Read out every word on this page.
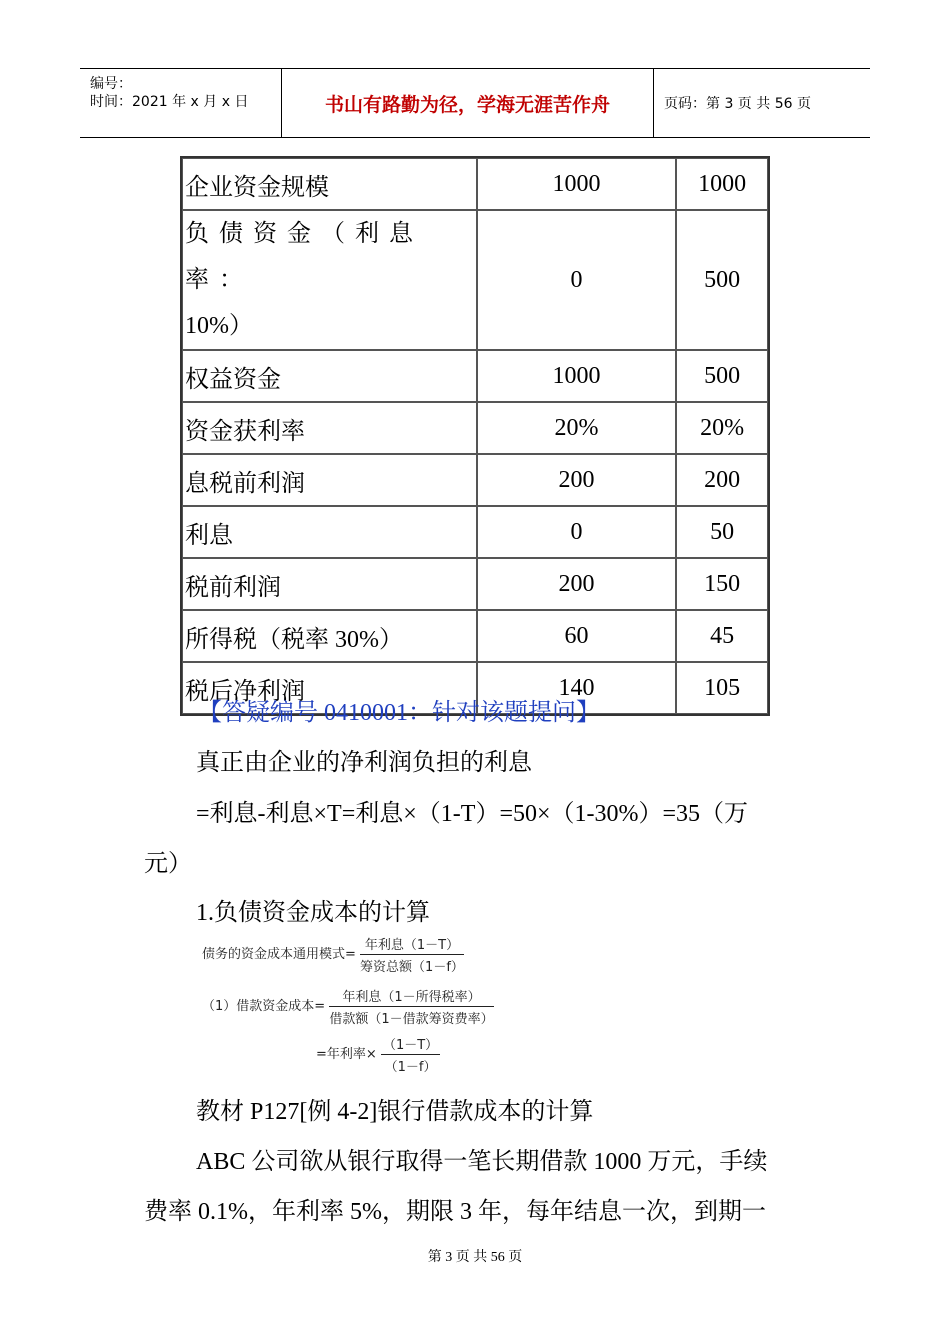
编号：
时间：2021 年 x 月 x 日	书山有路勤为径，学海无涯苦作舟	页码：第 3 页 共 56 页
企业资金规模	1000	1000
负债资金（利息率：
10%）	0	500
权益资金	1000	500
资金获利率	20%	20%
息税前利润	200	200
利息	0	50
税前利润	200	150
所得税（税率 30%）	60	45
税后净利润	140	105
【答疑编号 0410001：针对该题提问】
真正由企业的净利润负担的利息
=利息-利息×T=利息×（1-T）=50×（1-30%）=35（万
元）
1.负债资金成本的计算
债务的资金成本通用模式= $\frac{\text{年利息（1－T）}}{\text{筹资总额（1－f）}}$
（1）借款资金成本= $\frac{\text{年利息（1－所得税率）}}{\text{借款额（1－借款筹资费率）}}$
=年利率× $\frac{(1-T)}{(1-f)}$
教材 P127[例 4-2]银行借款成本的计算
ABC 公司欲从银行取得一笔长期借款 1000 万元，手续
费率 0.1%，年利率 5%，期限 3 年，每年结息一次，到期一
第 3 页 共 56 页
